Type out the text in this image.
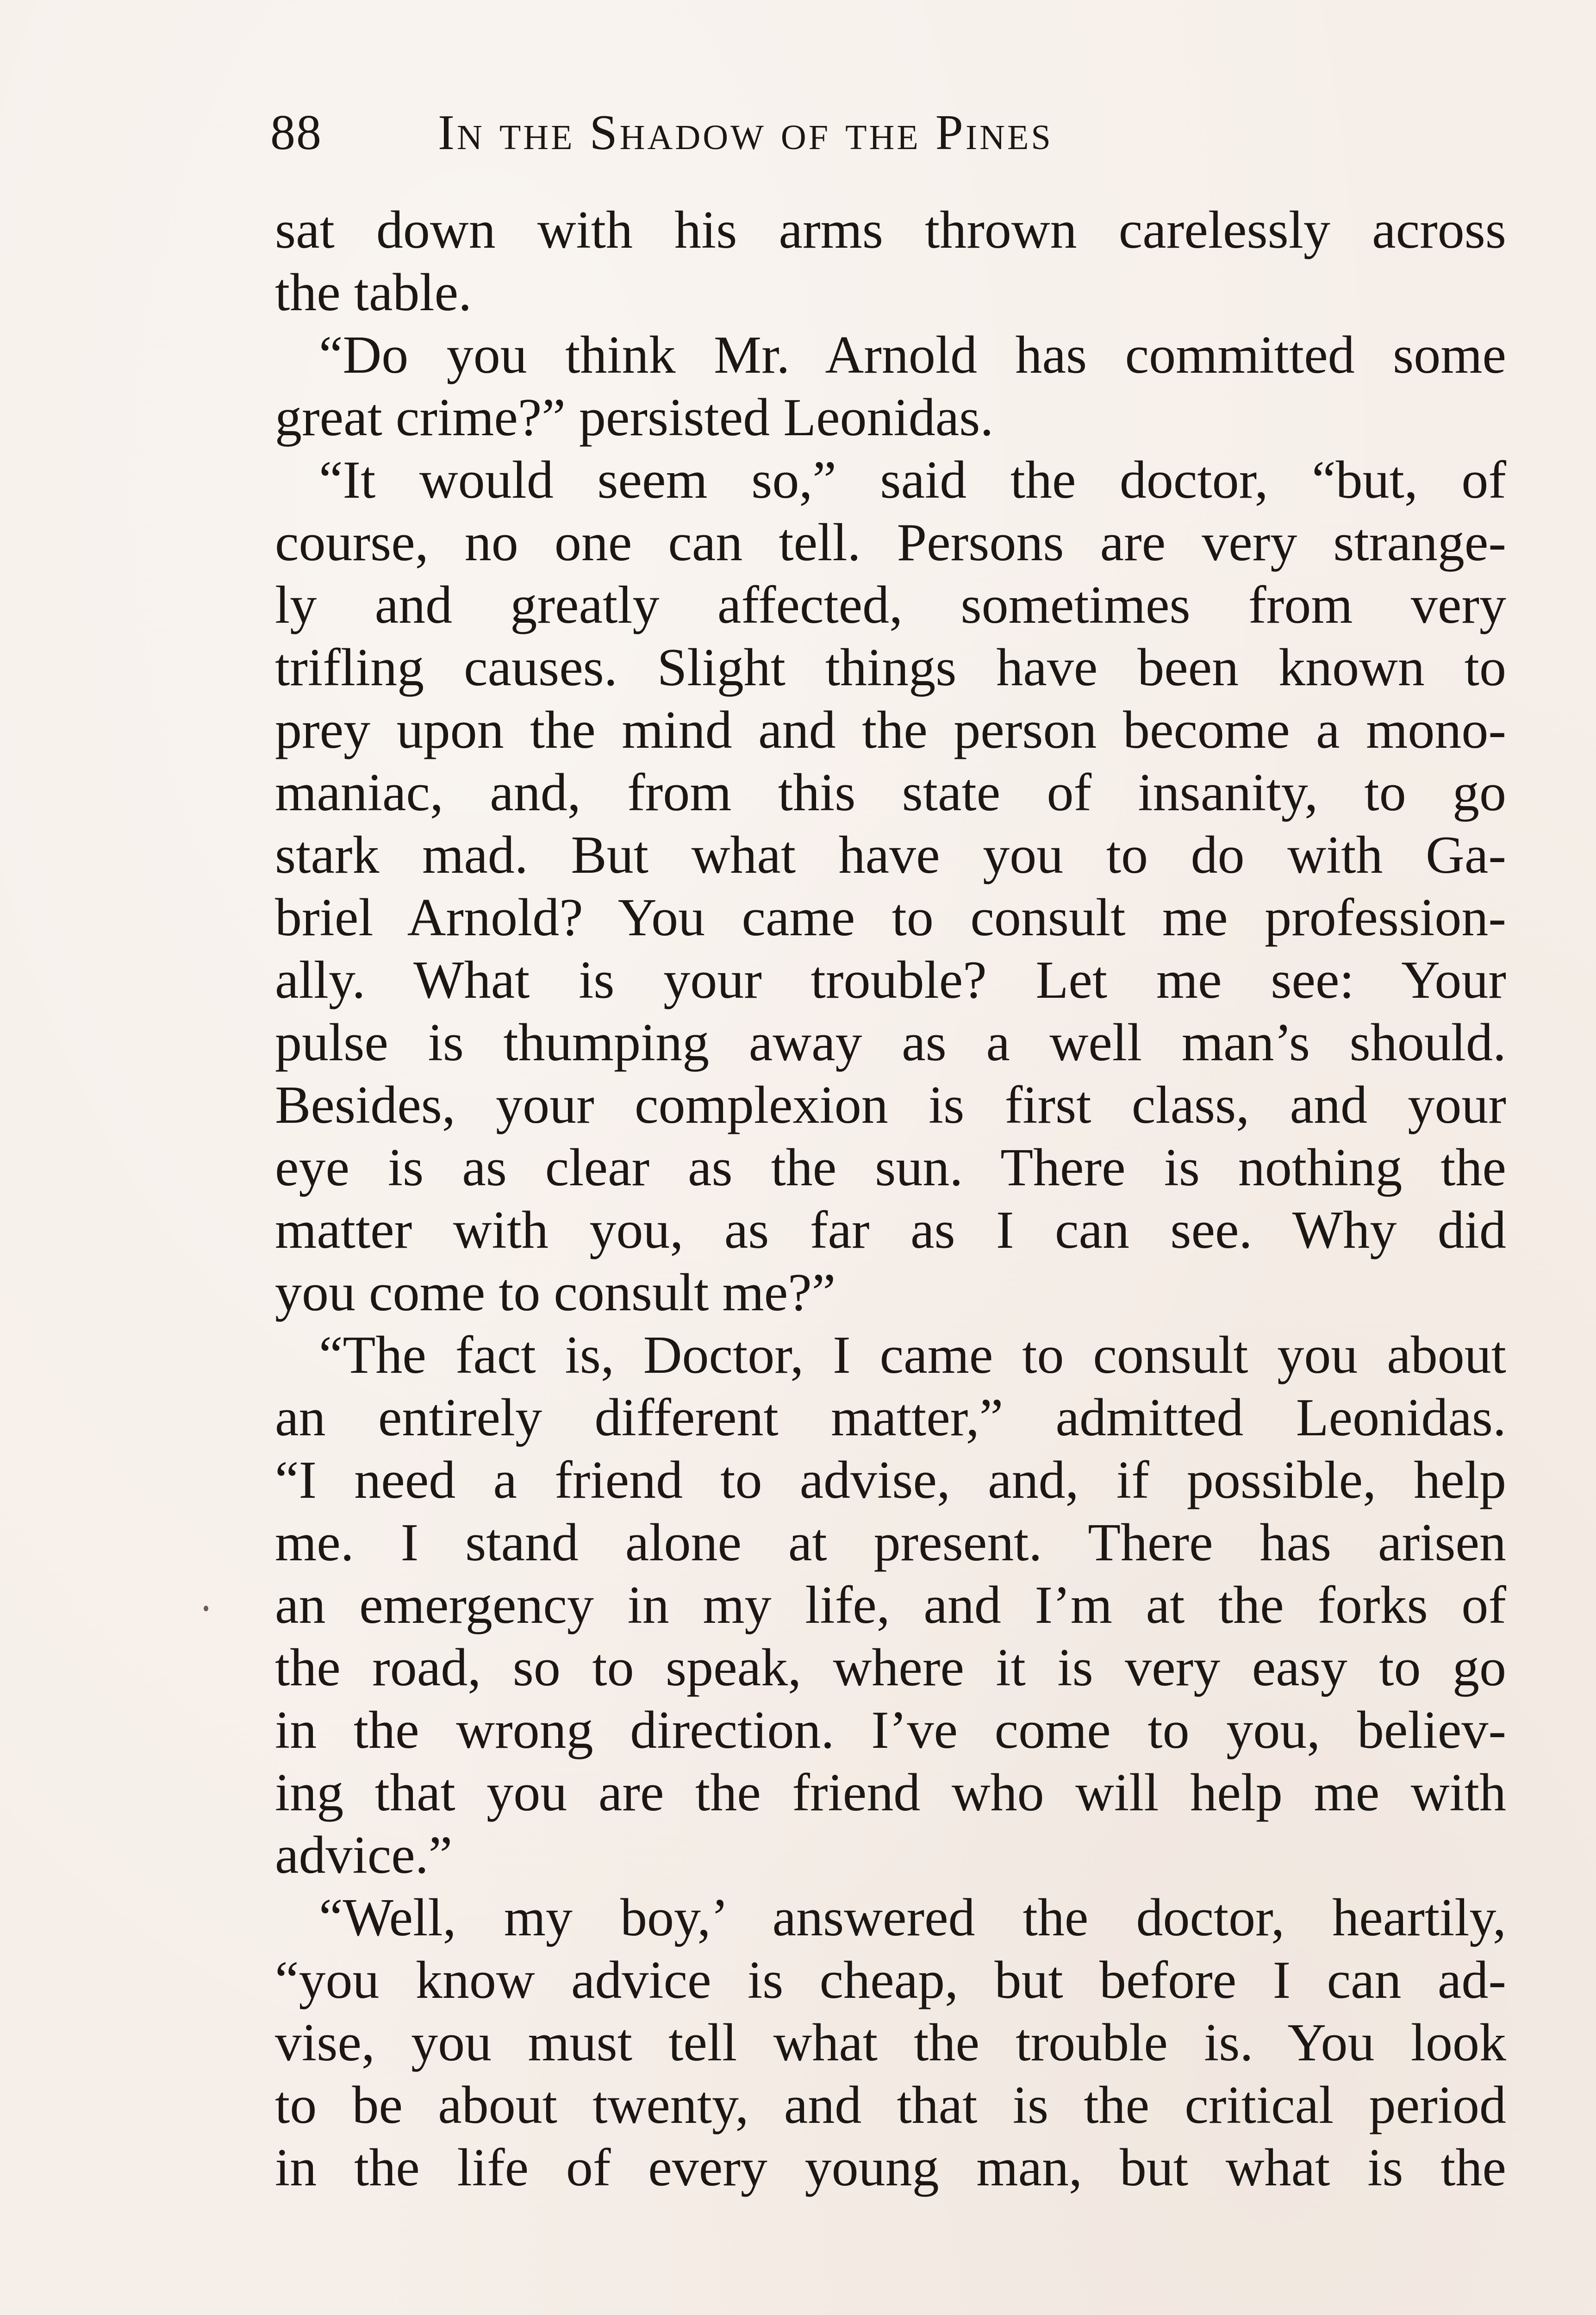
88 In the Shadow of the Pines
sat down with his arms thrown carelessly across
the table.
“Do you think Mr. Arnold has committed some
great crime?” persisted Leonidas.
“It would seem so,” said the doctor, “but, of
course, no one can tell. Persons are very strange-
ly and greatly affected, sometimes from very
trifling causes. Slight things have been known to
prey upon the mind and the person become a mono-
maniac, and, from this state of insanity, to go
stark mad. But what have you to do with Ga-
briel Arnold? You came to consult me profession-
ally. What is your trouble? Let me see: Your
pulse is thumping away as a well man’s should.
Besides, your complexion is first class, and your
eye is as clear as the sun. There is nothing the
matter with you, as far as I can see. Why did
you come to consult me?”
“The fact is, Doctor, I came to consult you about
an entirely different matter,” admitted Leonidas.
“I need a friend to advise, and, if possible, help
me. I stand alone at present. There has arisen
an emergency in my life, and I’m at the forks of
the road, so to speak, where it is very easy to go
in the wrong direction. I’ve come to you, believ-
ing that you are the friend who will help me with
advice.”
“Well, my boy,’ answered the doctor, heartily,
“you know advice is cheap, but before I can ad-
vise, you must tell what the trouble is. You look
to be about twenty, and that is the critical period
in the life of every young man, but what is the
